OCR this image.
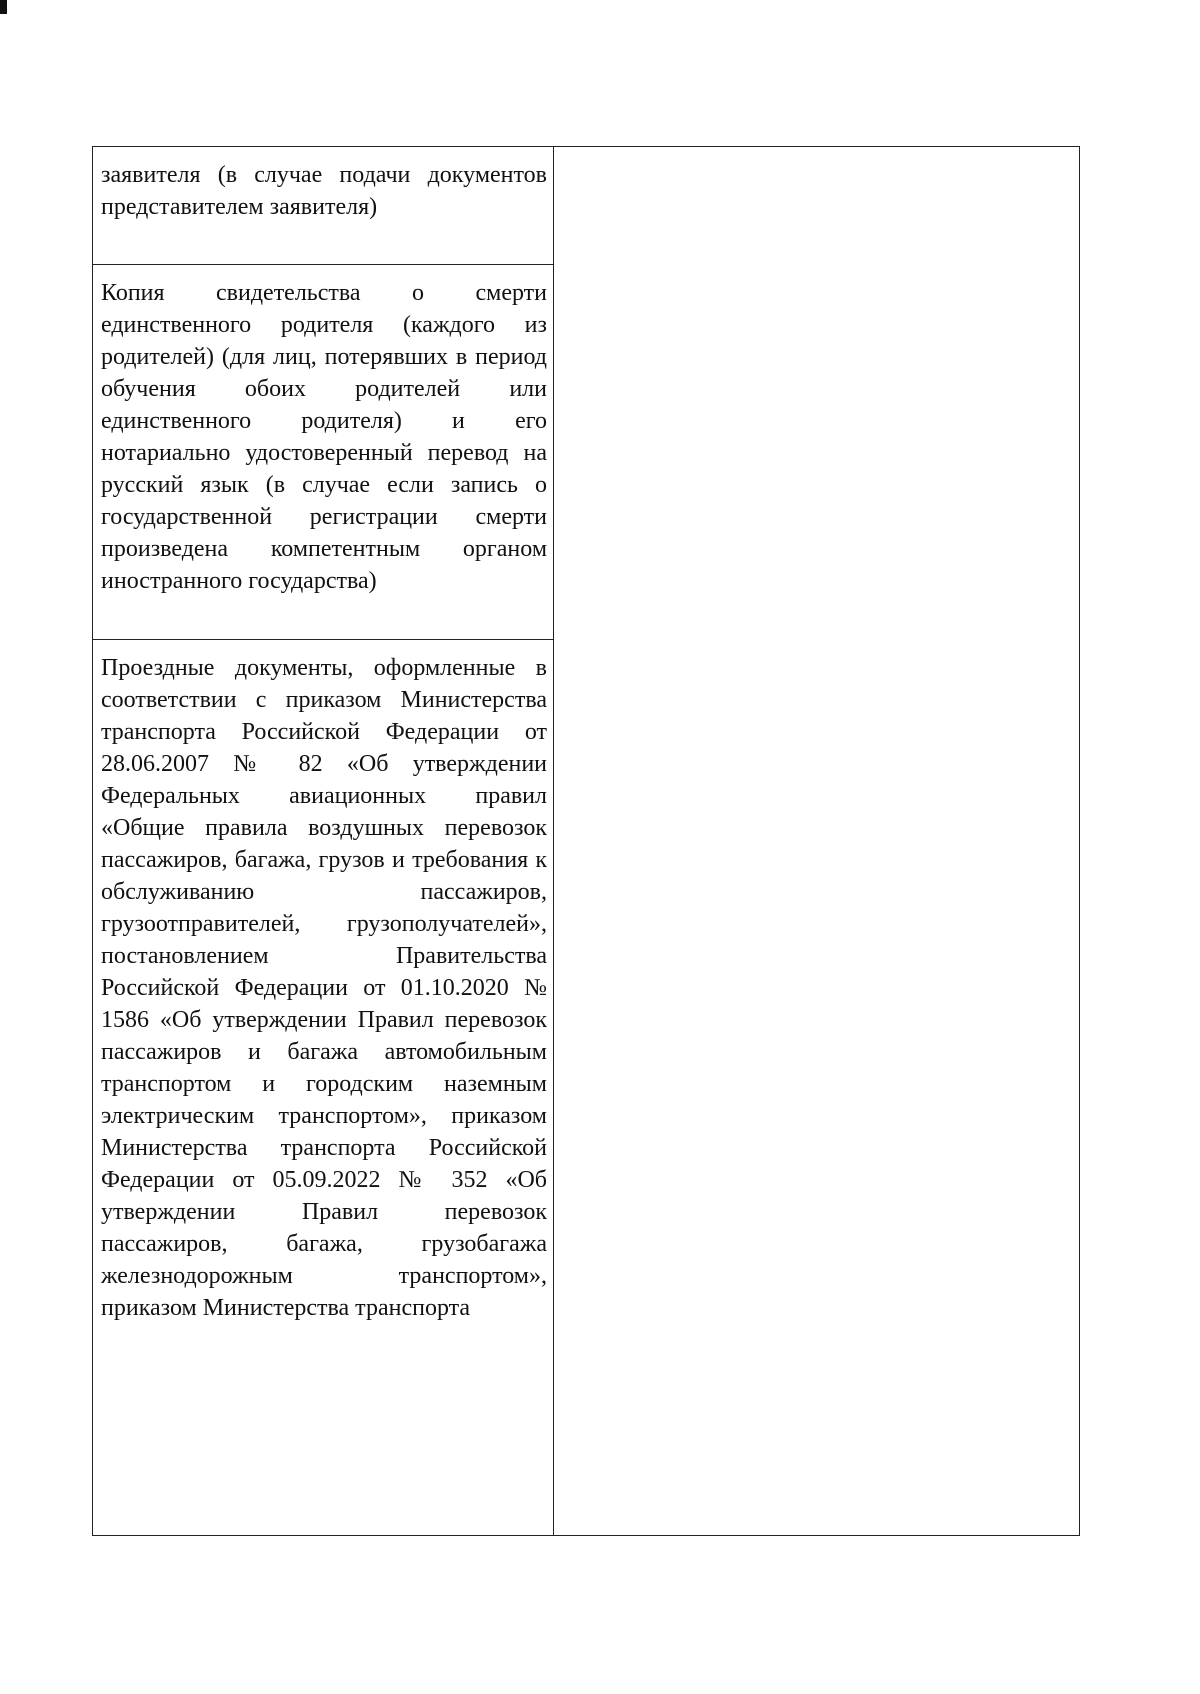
заявителя (в случае подачи документов представителем заявителя)
Копия свидетельства о смерти единственного родителя (каждого из родителей) (для лиц, потерявших в период обучения обоих родителей или единственного родителя) и его нотариально удостоверенный перевод на русский язык (в случае если запись о государственной регистрации смерти произведена компетентным органом иностранного государства)
Проездные документы, оформленные в соответствии с приказом Министерства транспорта Российской Федерации от 28.06.2007 № 82 «Об утверждении Федеральных авиационных правил «Общие правила воздушных перевозок пассажиров, багажа, грузов и требования к обслуживанию пассажиров, грузоотправителей, грузополучателей», постановлением Правительства Российской Федерации от 01.10.2020 № 1586 «Об утверждении Правил перевозок пассажиров и багажа автомобильным транспортом и городским наземным электрическим транспортом», приказом Министерства транспорта Российской Федерации от 05.09.2022 № 352 «Об утверждении Правил перевозок пассажиров, багажа, грузобагажа железнодорожным транспортом», приказом Министерства транспорта
